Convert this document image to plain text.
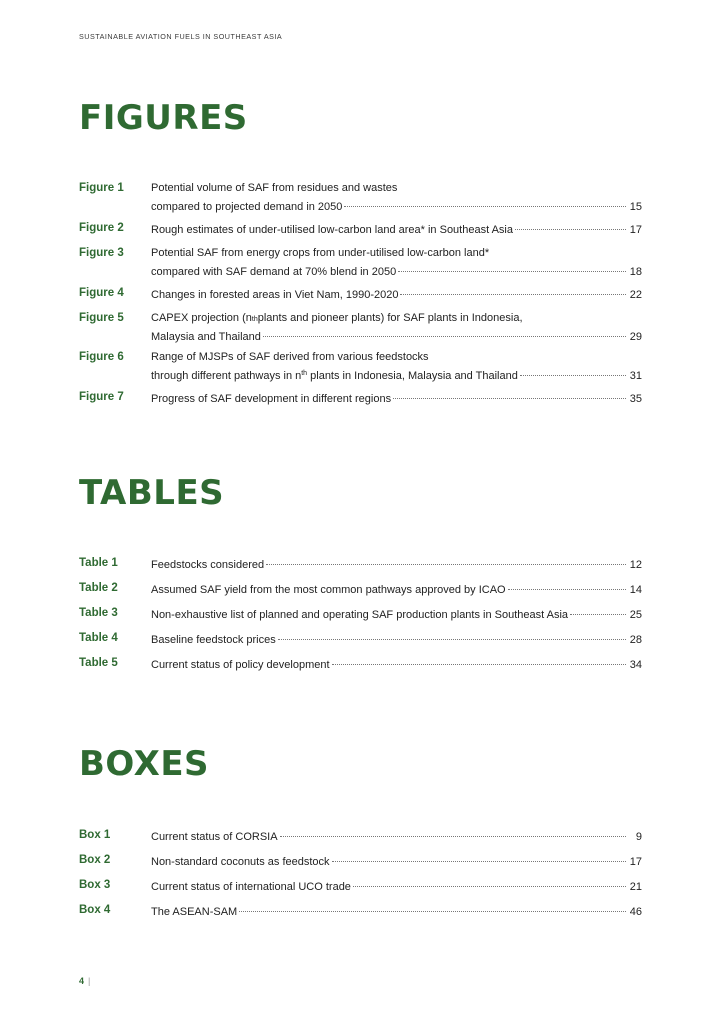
SUSTAINABLE AVIATION FUELS IN SOUTHEAST ASIA
FIGURES
Figure 1 Potential volume of SAF from residues and wastes
compared to projected demand in 2050	15
Figure 2 Rough estimates of under-utilised low-carbon land area* in Southeast Asia	17
Figure 3 Potential SAF from energy crops from under-utilised low-carbon land*
compared with SAF demand at 70% blend in 2050	18
Figure 4 Changes in forested areas in Viet Nam, 1990-2020	22
Figure 5 CAPEX projection (n th plants and pioneer plants) for SAF plants in Indonesia,
Malaysia and Thailand	29
Figure 6 Range of MJSPs of SAF derived from various feedstocks
through different pathways in $n^{th}$ plants in Indonesia, Malaysia and Thailand	31
Figure 7 Progress of SAF development in different regions	35
TABLES
Table 1	Feedstocks considered	12
Table 2	Assumed SAF yield from the most common pathways approved by ICAO	14
Table 3	Non-exhaustive list of planned and operating SAF production plants in Southeast Asia	25
Table 4	Baseline feedstock prices	28
Table 5	Current status of policy development	34
BOXES
Box 1	Current status of CORSIA	9
Box 2	Non-standard coconuts as feedstock	17
Box 3	Current status of international UCO trade	21
Box 4	The ASEAN-SAM	46
4 |
